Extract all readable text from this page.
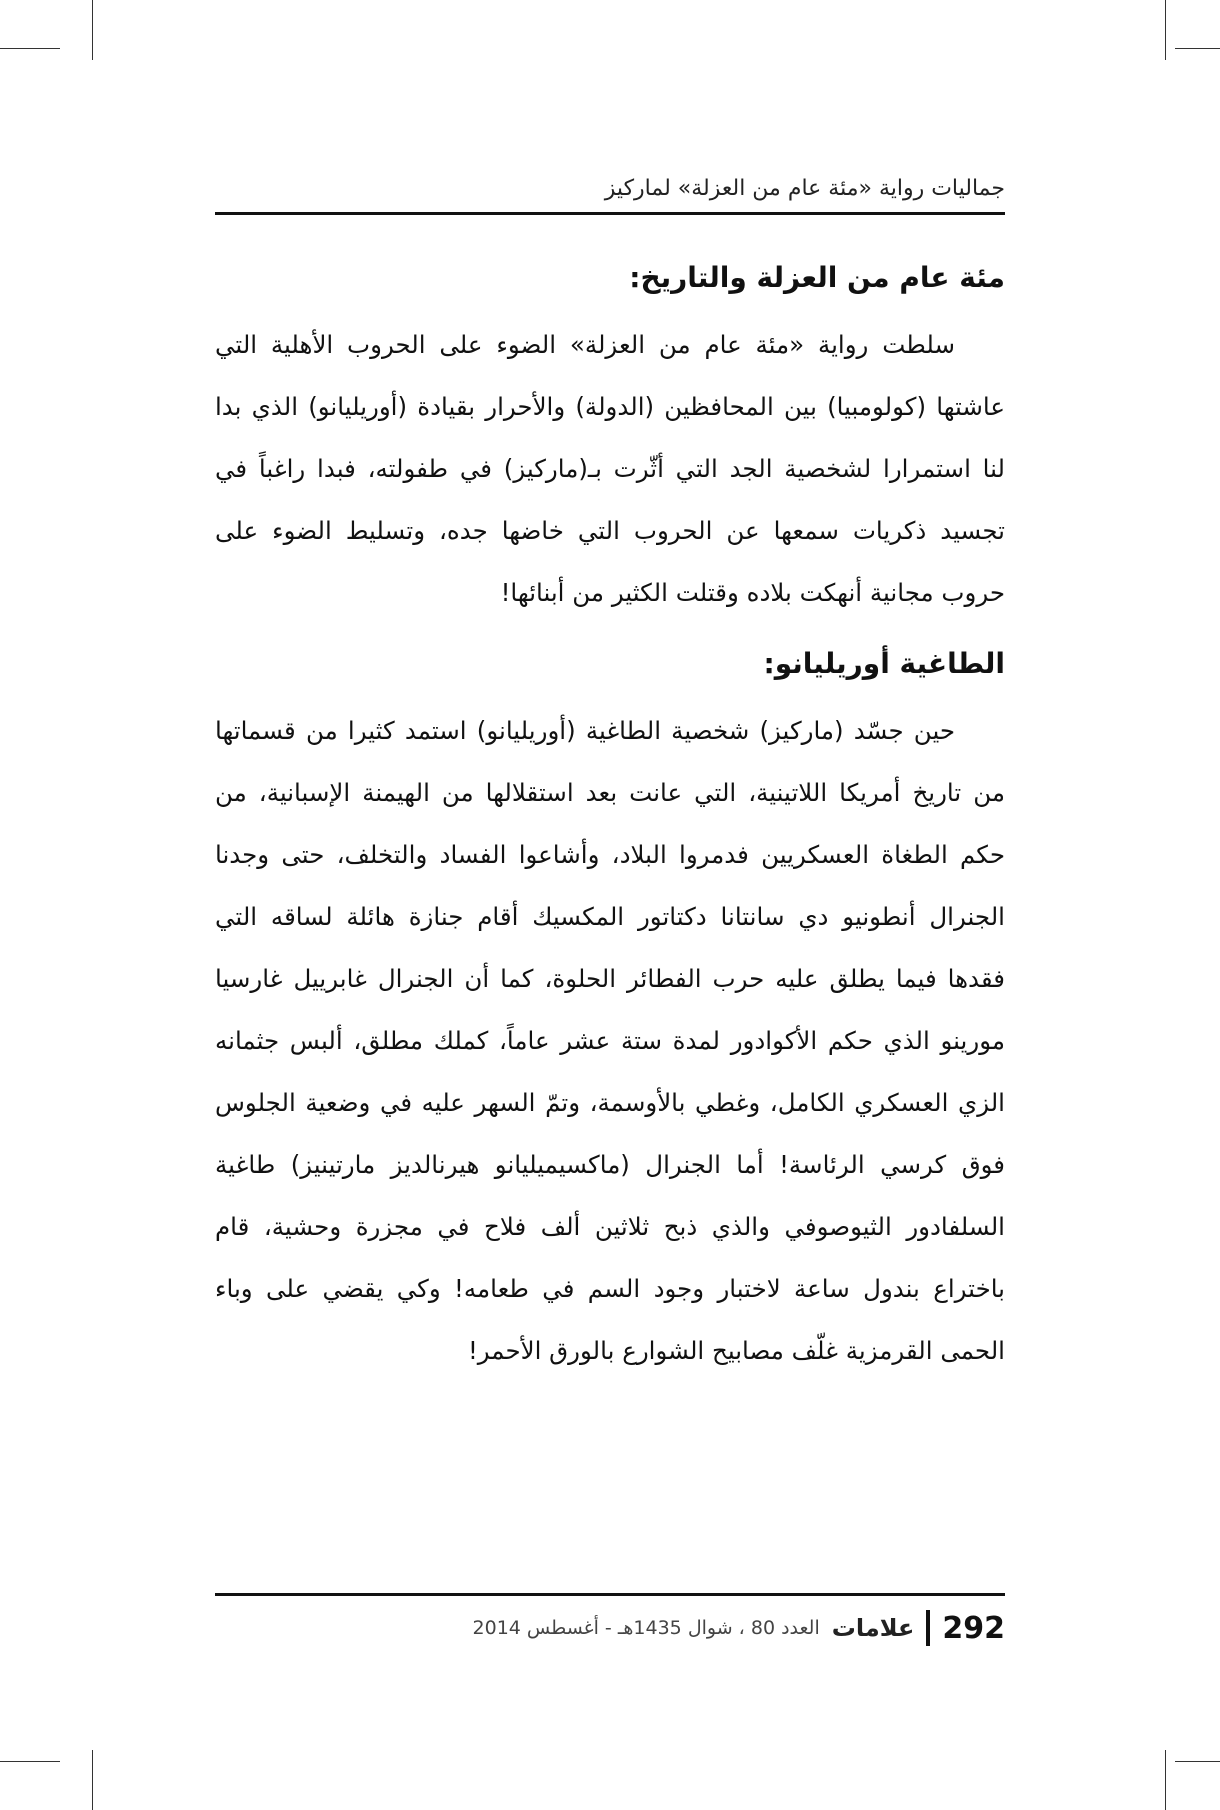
جماليات رواية «مئة عام من العزلة» لماركيز
مئة عام من العزلة والتاريخ:

سلطت رواية «مئة عام من العزلة» الضوء على الحروب الأهلية التي عاشتها (كولومبيا) بين المحافظين (الدولة) والأحرار بقيادة (أوريليانو) الذي بدا لنا استمرارا لشخصية الجد التي أثّرت بـ(ماركيز) في طفولته، فبدا راغباً في تجسيد ذكريات سمعها عن الحروب التي خاضها جده، وتسليط الضوء على حروب مجانية أنهكت بلاده وقتلت الكثير من أبنائها!

الطاغية أوريليانو:

حين جسّد (ماركيز) شخصية الطاغية (أوريليانو) استمد كثيرا من قسماتها من تاريخ أمريكا اللاتينية، التي عانت بعد استقلالها من الهيمنة الإسبانية، من حكم الطغاة العسكريين فدمروا البلاد، وأشاعوا الفساد والتخلف، حتى وجدنا الجنرال أنطونيو دي سانتانا دكتاتور المكسيك أقام جنازة هائلة لساقه التي فقدها فيما يطلق عليه حرب الفطائر الحلوة، كما أن الجنرال غابرييل غارسيا مورينو الذي حكم الأكوادور لمدة ستة عشر عاماً، كملك مطلق، ألبس جثمانه الزي العسكري الكامل، وغطي بالأوسمة، وتمّ السهر عليه في وضعية الجلوس فوق كرسي الرئاسة! أما الجنرال (ماكسيميليانو هيرنالديز مارتينيز) طاغية السلفادور الثيوصوفي والذي ذبح ثلاثين ألف فلاح في مجزرة وحشية، قام باختراع بندول ساعة لاختبار وجود السم في طعامه! وكي يقضي على وباء الحمى القرمزية غلّف مصابيح الشوارع بالورق الأحمر!

292
علامات
العدد 80 ، شوال 1435هـ - أغسطس 2014
